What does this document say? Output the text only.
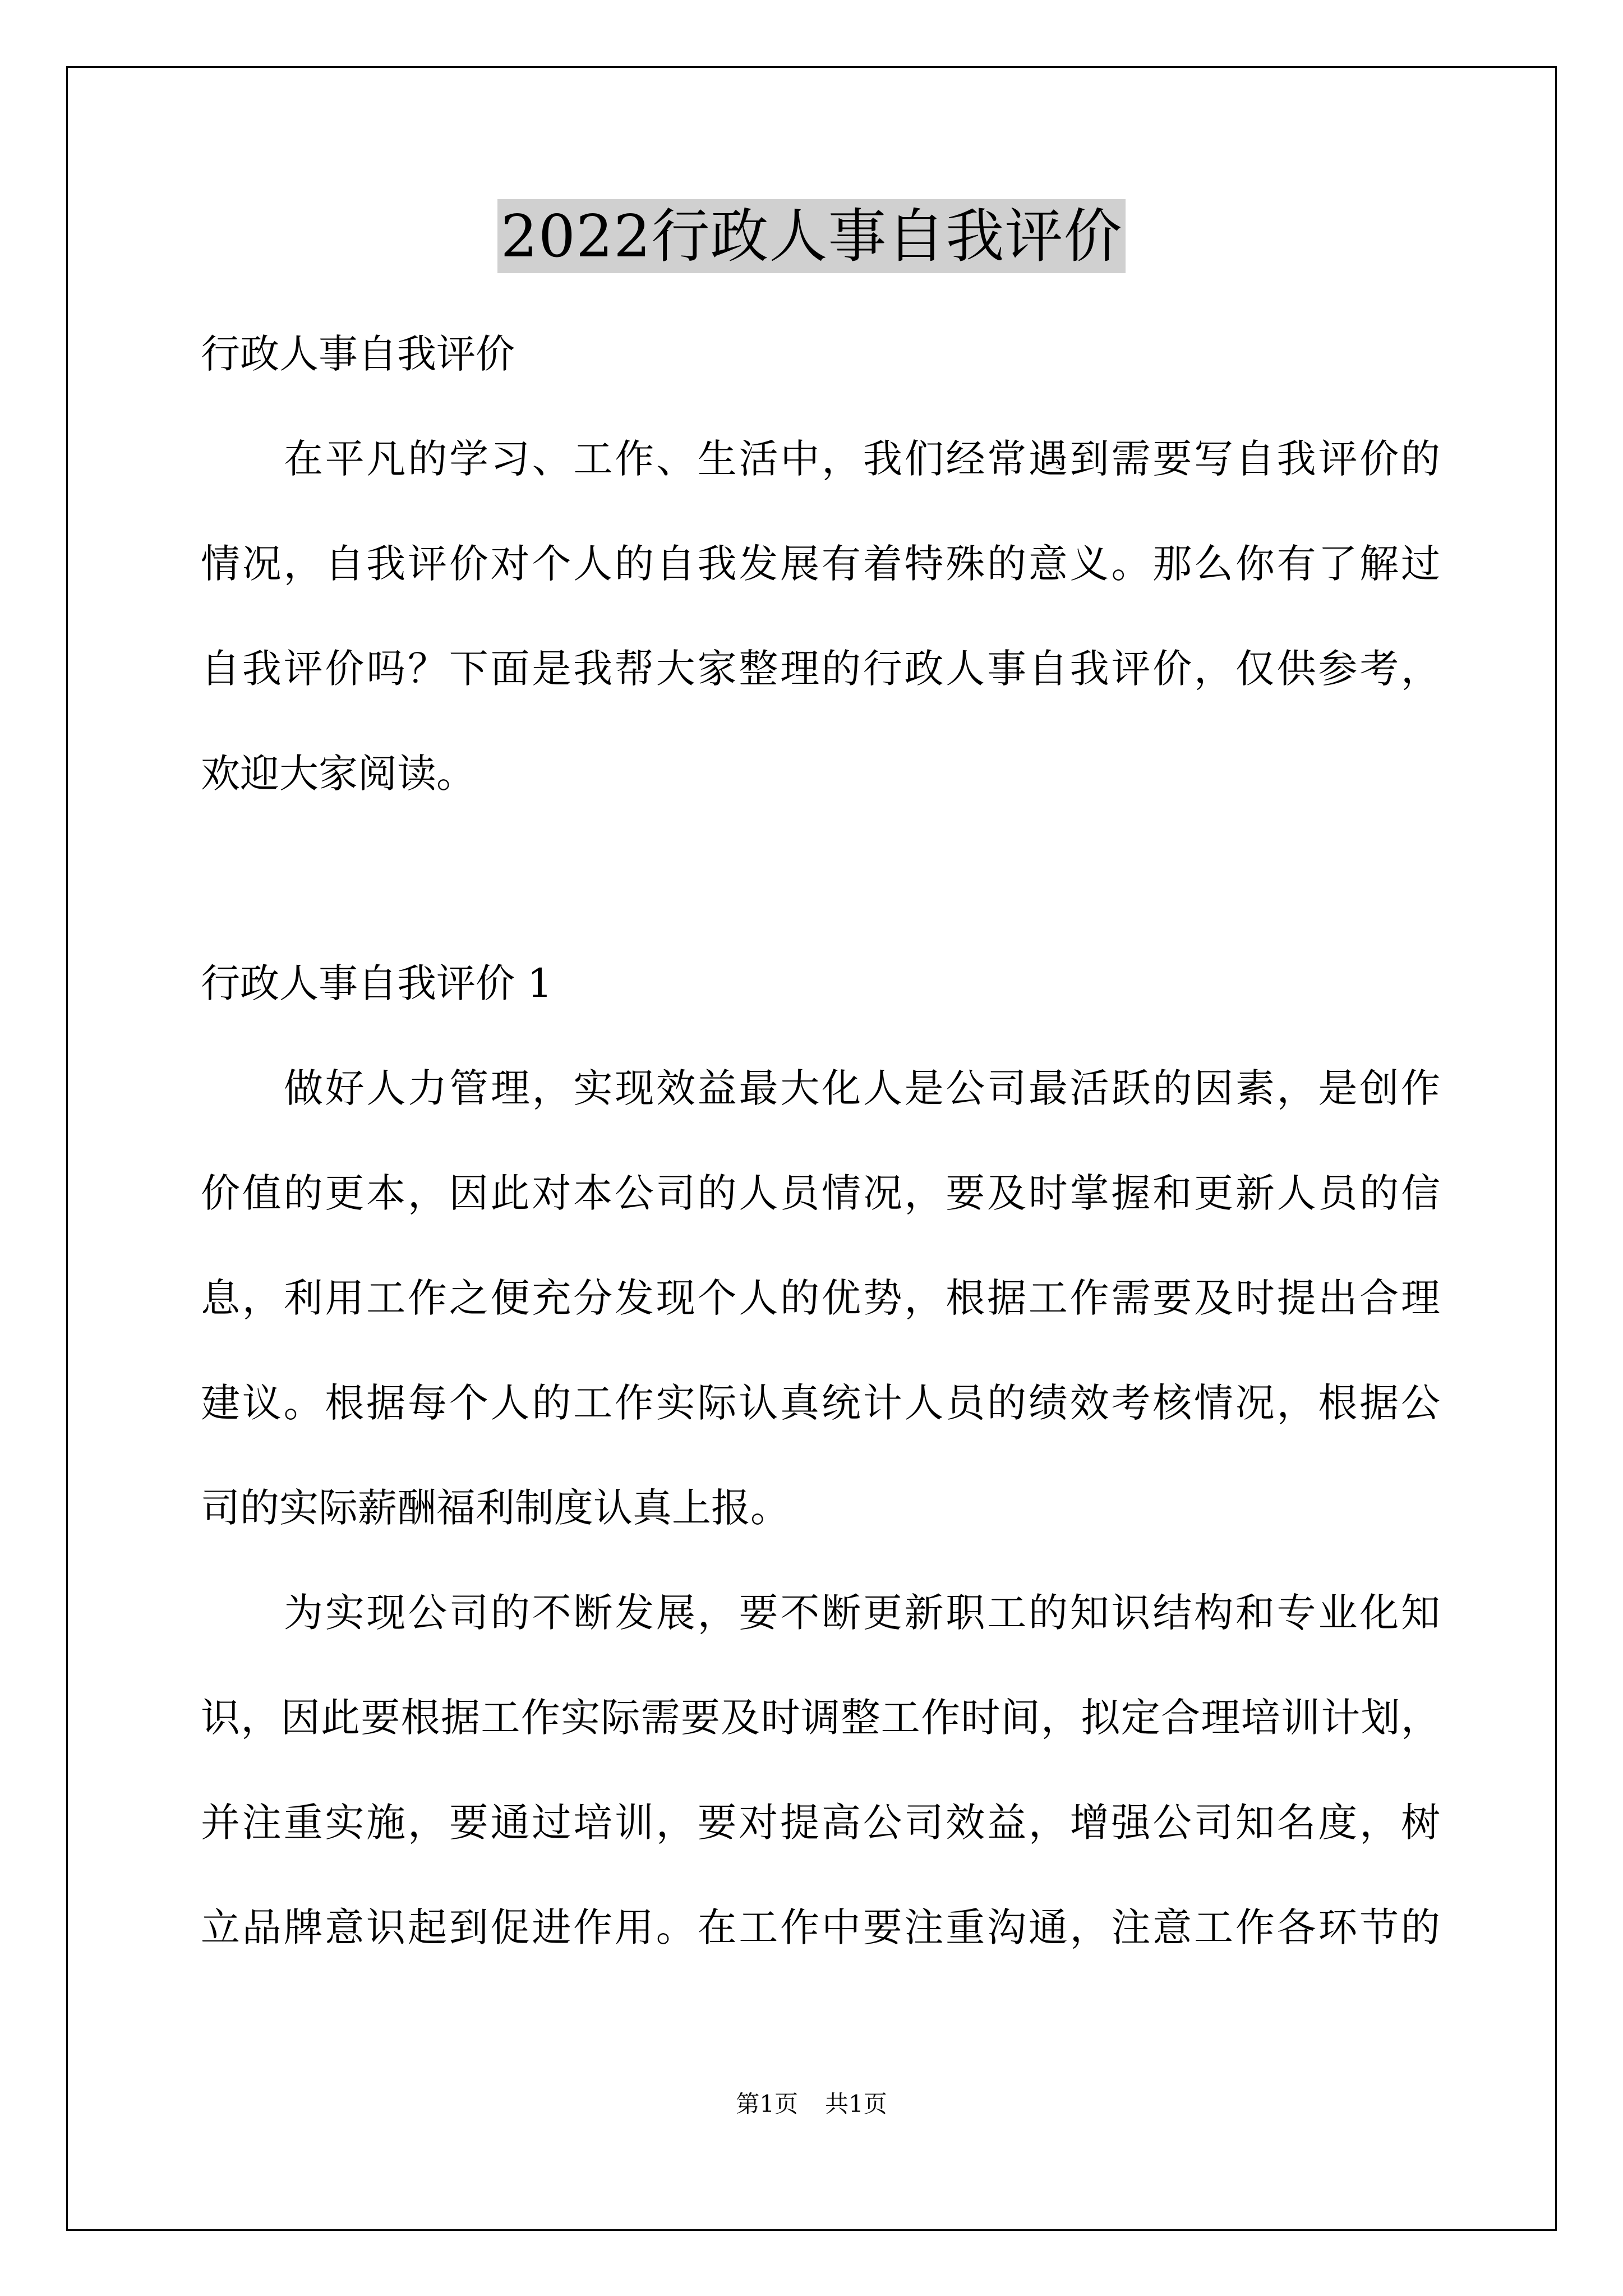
2022行政人事自我评价
行政人事自我评价
在平凡的学习、工作、生活中，我们经常遇到需要写自我评价的
情况，自我评价对个人的自我发展有着特殊的意义。那么你有了解过
自我评价吗？下面是我帮大家整理的行政人事自我评价，仅供参考，
欢迎大家阅读。
行政人事自我评价 1
做好人力管理，实现效益最大化人是公司最活跃的因素，是创作
价值的更本，因此对本公司的人员情况，要及时掌握和更新人员的信
息，利用工作之便充分发现个人的优势，根据工作需要及时提出合理
建议。根据每个人的工作实际认真统计人员的绩效考核情况，根据公
司的实际薪酬福利制度认真上报。
为实现公司的不断发展，要不断更新职工的知识结构和专业化知
识，因此要根据工作实际需要及时调整工作时间，拟定合理培训计划，
并注重实施，要通过培训，要对提高公司效益，增强公司知名度，树
立品牌意识起到促进作用。在工作中要注重沟通，注意工作各环节的
第1页 共1页
